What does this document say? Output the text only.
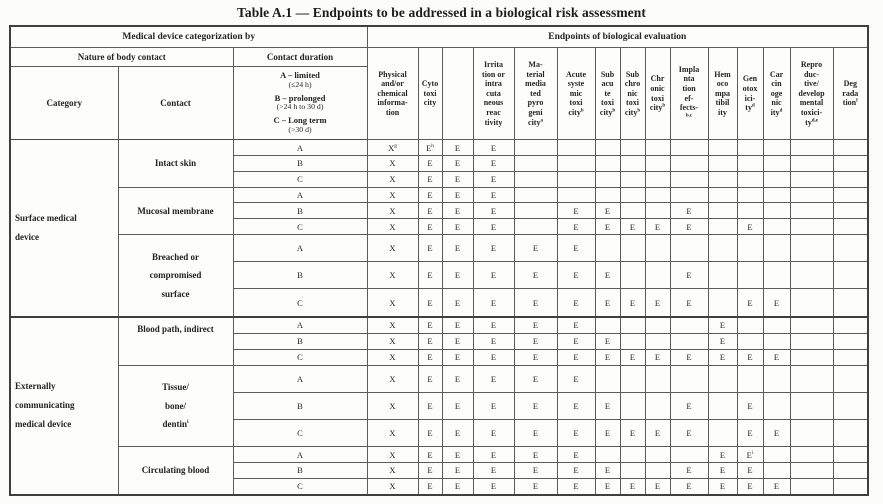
Table A.1 — Endpoints to be addressed in a biological risk assessment
Medical device categorization by			Endpoints of biological evaluation														
Nature of body contact	Contact duration	Physical
and/or
chemical
informa-
tion	Cyto
toxi
city		Irrita
tion or
intra
cuta
neous
reac
tivity	Ma-
terial
media
ted
pyro
geni
city$^a$	Acute
syste
mic
toxi
city$^b$	Sub
acu
te
toxi
city$^b$	Sub
chro
nic
toxi
city$^b$	Chr
onic
toxi
city$^b$	Impla
nta
tion
ef-
fects-
$^{b,c}$	Hem
oco
mpa
tibil
ity	Gen
otox
ici-
$ty^d$	Car
cin
oge
nic
ity$^d$	Repro
duc-
tive/
develop
mental
toxici-
ty$^{d,e}$	Deg
rada
tion$^f$
Category	Contact	
A – limited
(≤24 h)
B – prolonged
(>24 h to 30 d)
C – Long term
(>30 d)

Surface medical
device	Intact skin	A	$X^g$	$E^h$	E	E											
		B	X	E	E	E											
		C	X	E	E	E											
	Mucosal membrane	A	X	E	E	E											
		B	X	E	E	E		E	E			E					
		C	X	E	E	E		E	E	E	E	E		E			
	Breached or
compromised
surface	A	X	E	E	E	E	E									
		B	X	E	E	E	E	E	E			E					
		C	X	E	E	E	E	E	E	E	E	E		E	E		
Externally
communicating
medical device	Blood path, indirect	A	X	E	E	E	E	E					E				
		B	X	E	E	E	E	E	E				E				
		C	X	E	E	E	E	E	E	E	E	E	E	E	E		
	Tissue/
bone/
dentin$^i$	A	X	E	E	E	E	E									
		B	X	E	E	E	E	E	E			E		E			
		C	X	E	E	E	E	E	E	E	E	E		E	E		
	Circulating blood	A	X	E	E	E	E	E					E	$E^i$			
		B	X	E	E	E	E	E	E			E	E	E			
		C	X	E	E	E	E	E	E	E	E	E	E	E	E		
